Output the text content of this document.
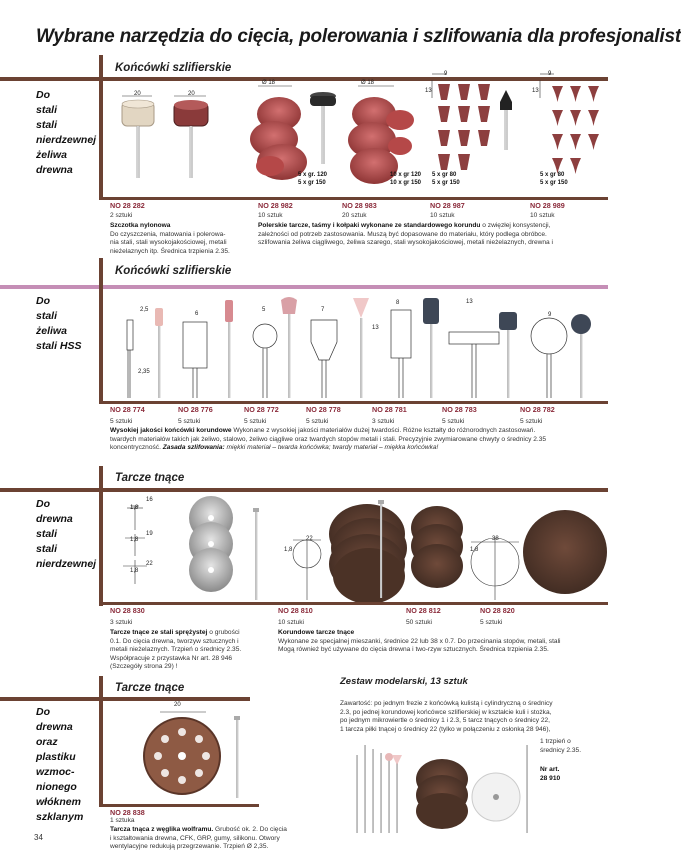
Wybrane narzędzia do cięcia, polerowania i szlifowania dla profesjonalist
Końcówki szlifierskie
Do
stali
stali
nierdzewnej
żeliwa
drewna
20	20
Ø 18	Ø 18
9
13
9
13
5 x gr. 120
5 x gr 150
10 x gr 120
10 x gr 150
5 x gr 80
5 x gr 150
5 x gr 80
5 x gr 150
NO 28 282	NO 28 982	NO 28 983	NO 28 987	NO 28 989
2 sztuki	10 sztuk	20 sztuk	10 sztuk	10 sztuk
Szczotka nylonowa
Do czyszczenia, matowania i polerowa-
nia stali, stali wysokojakościowej, metali
nieżelaznych itp. Średnica trzpienia 2.35.
Polerskie tarcze, taśmy i kołpaki wykonane ze standardowego korundu o zwięzłej konsystencji,
zależności od potrzeb zastosowania. Muszą być dopasowane do materiału, który podlega obróbce.
szlifowania żeliwa ciągliwego, żeliwa szarego, stali wysokojakościowej, metali nieżelaznych, drewna i
Końcówki szlifierskie
Do
stali
żeliwa
stali HSS
2,5
2,35
6
5	7
8
13
13
9
NO 28 774	NO 28 776	NO 28 772	NO 28 778	NO 28 781	NO 28 783	NO 28 782
5 sztuki	5 sztuki	5 sztuki	5 sztuki	3 sztuki	5 sztuki	5 sztuki
Wysokiej jakości końcówki korundowe Wykonane z wysokiej jakości materiałów dużej twardości. Różne kształty do różnorodnych zastosowań.
twardych materiałów takich jak żeliwo, stalowo, żeliwo ciągliwe oraz twardych stopów metali i stali. Precyzyjnie zwymiarowane chwyty o średnicy 2.35
koncentryczność. Zasada szlifowania: miękki materiał – twarda końcówka; twardy materiał – miękka końcówka!
Tarcze tnące
Do
drewna
stali
stali
nierdzewnej
16
1,8
19
1,8
22
1,8
22
1,8
38
1,8
NO 28 830	NO 28 810	NO 28 812	NO 28 820
3 sztuki	10 sztuki	50 sztuki	5 sztuki
Tarcze tnące ze stali sprężystej o grubości
0.1. Do cięcia drewna, tworzyw sztucznych i
metali nieżelaznych. Trzpień o średnicy 2.35.
Współpracuje z przystawka Nr art. 28 946
(Szczegóły strona 29) !
Korundowe tarcze tnące
Wykonane ze specjalnej mieszanki, średnice 22 lub 38 x 0.7. Do przecinania stopów, metali, stali
Mogą również być używane do cięcia drewna i two-rzyw sztucznych. Średnica trzpienia 2.35.
Tarcze tnące
Do
drewna
oraz
plastiku
wzmoc-
nionego
włóknem
szklanym
20
NO 28 838
1 sztuka
Tarcza tnąca z węglika wolframu. Grubość ok. 2. Do cięcia
i kształtowania drewna, CFK, GRP, gumy, silikonu. Otwory
wentylacyjne redukują przegrzewanie. Trzpień Ø 2,35.
Zestaw modelarski, 13 sztuk
Zawartość: po jednym frezie z końcówką kulistą i cylindryczną o średnicy
2.3, po jednej korundowej końcówce szlifierskiej w kształcie kuli i stożka,
po jednym mikrowiertle o średnicy 1 i 2.3, 5 tarcz tnących o średnicy 22,
1 tarcza piłki tnącej o średnicy 22 (tylko w połączeniu z osłonką 28 946),
1 trzpień o
średnicy 2.35.
Nr art.
28 910
34
